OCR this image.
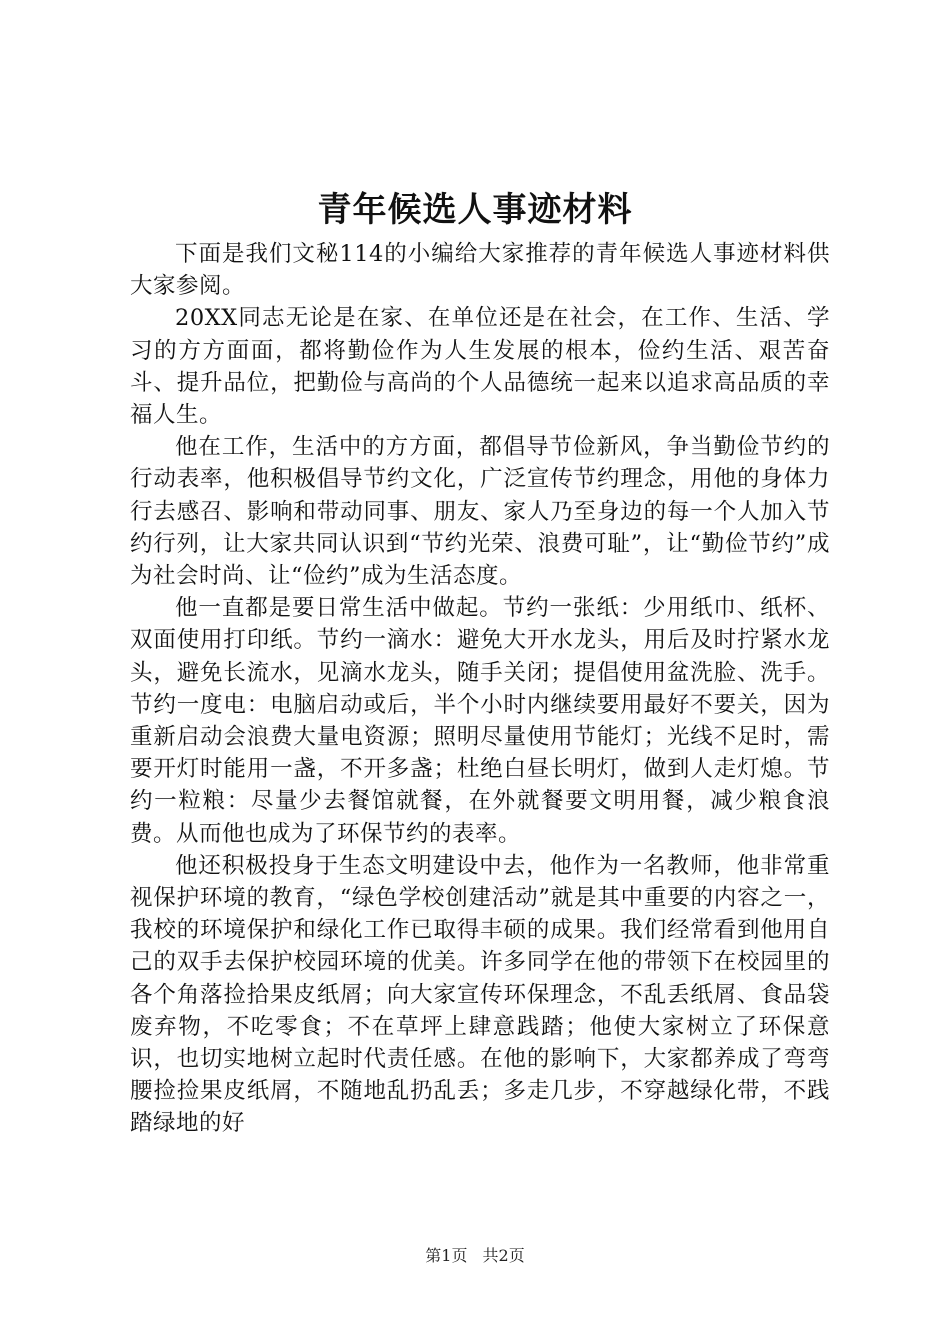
青年候选人事迹材料

下面是我们文秘114的小编给大家推荐的青年候选人事迹材料供大家参阅。

20XX同志无论是在家、在单位还是在社会，在工作、生活、学习的方方面面，都将勤俭作为人生发展的根本，俭约生活、艰苦奋斗、提升品位，把勤俭与高尚的个人品德统一起来以追求高品质的幸福人生。

他在工作，生活中的方方面，都倡导节俭新风，争当勤俭节约的行动表率，他积极倡导节约文化，广泛宣传节约理念，用他的身体力行去感召、影响和带动同事、朋友、家人乃至身边的每一个人加入节约行列，让大家共同认识到“节约光荣、浪费可耻”，让“勤俭节约”成为社会时尚、让“俭约”成为生活态度。

他一直都是要日常生活中做起。节约一张纸：少用纸巾、纸杯、双面使用打印纸。节约一滴水：避免大开水龙头，用后及时拧紧水龙头，避免长流水，见滴水龙头，随手关闭；提倡使用盆洗脸、洗手。节约一度电：电脑启动或后，半个小时内继续要用最好不要关，因为重新启动会浪费大量电资源；照明尽量使用节能灯；光线不足时，需要开灯时能用一盏，不开多盏；杜绝白昼长明灯，做到人走灯熄。节约一粒粮：尽量少去餐馆就餐，在外就餐要文明用餐，减少粮食浪费。从而他也成为了环保节约的表率。

他还积极投身于生态文明建设中去，他作为一名教师，他非常重视保护环境的教育，“绿色学校创建活动”就是其中重要的内容之一，我校的环境保护和绿化工作已取得丰硕的成果。我们经常看到他用自己的双手去保护校园环境的优美。许多同学在他的带领下在校园里的各个角落捡拾果皮纸屑；向大家宣传环保理念，不乱丢纸屑、食品袋废弃物，不吃零食；不在草坪上肆意践踏；他使大家树立了环保意识，也切实地树立起时代责任感。在他的影响下，大家都养成了弯弯腰捡捡果皮纸屑，不随地乱扔乱丢；多走几步，不穿越绿化带，不践踏绿地的好

第1页 共2页
